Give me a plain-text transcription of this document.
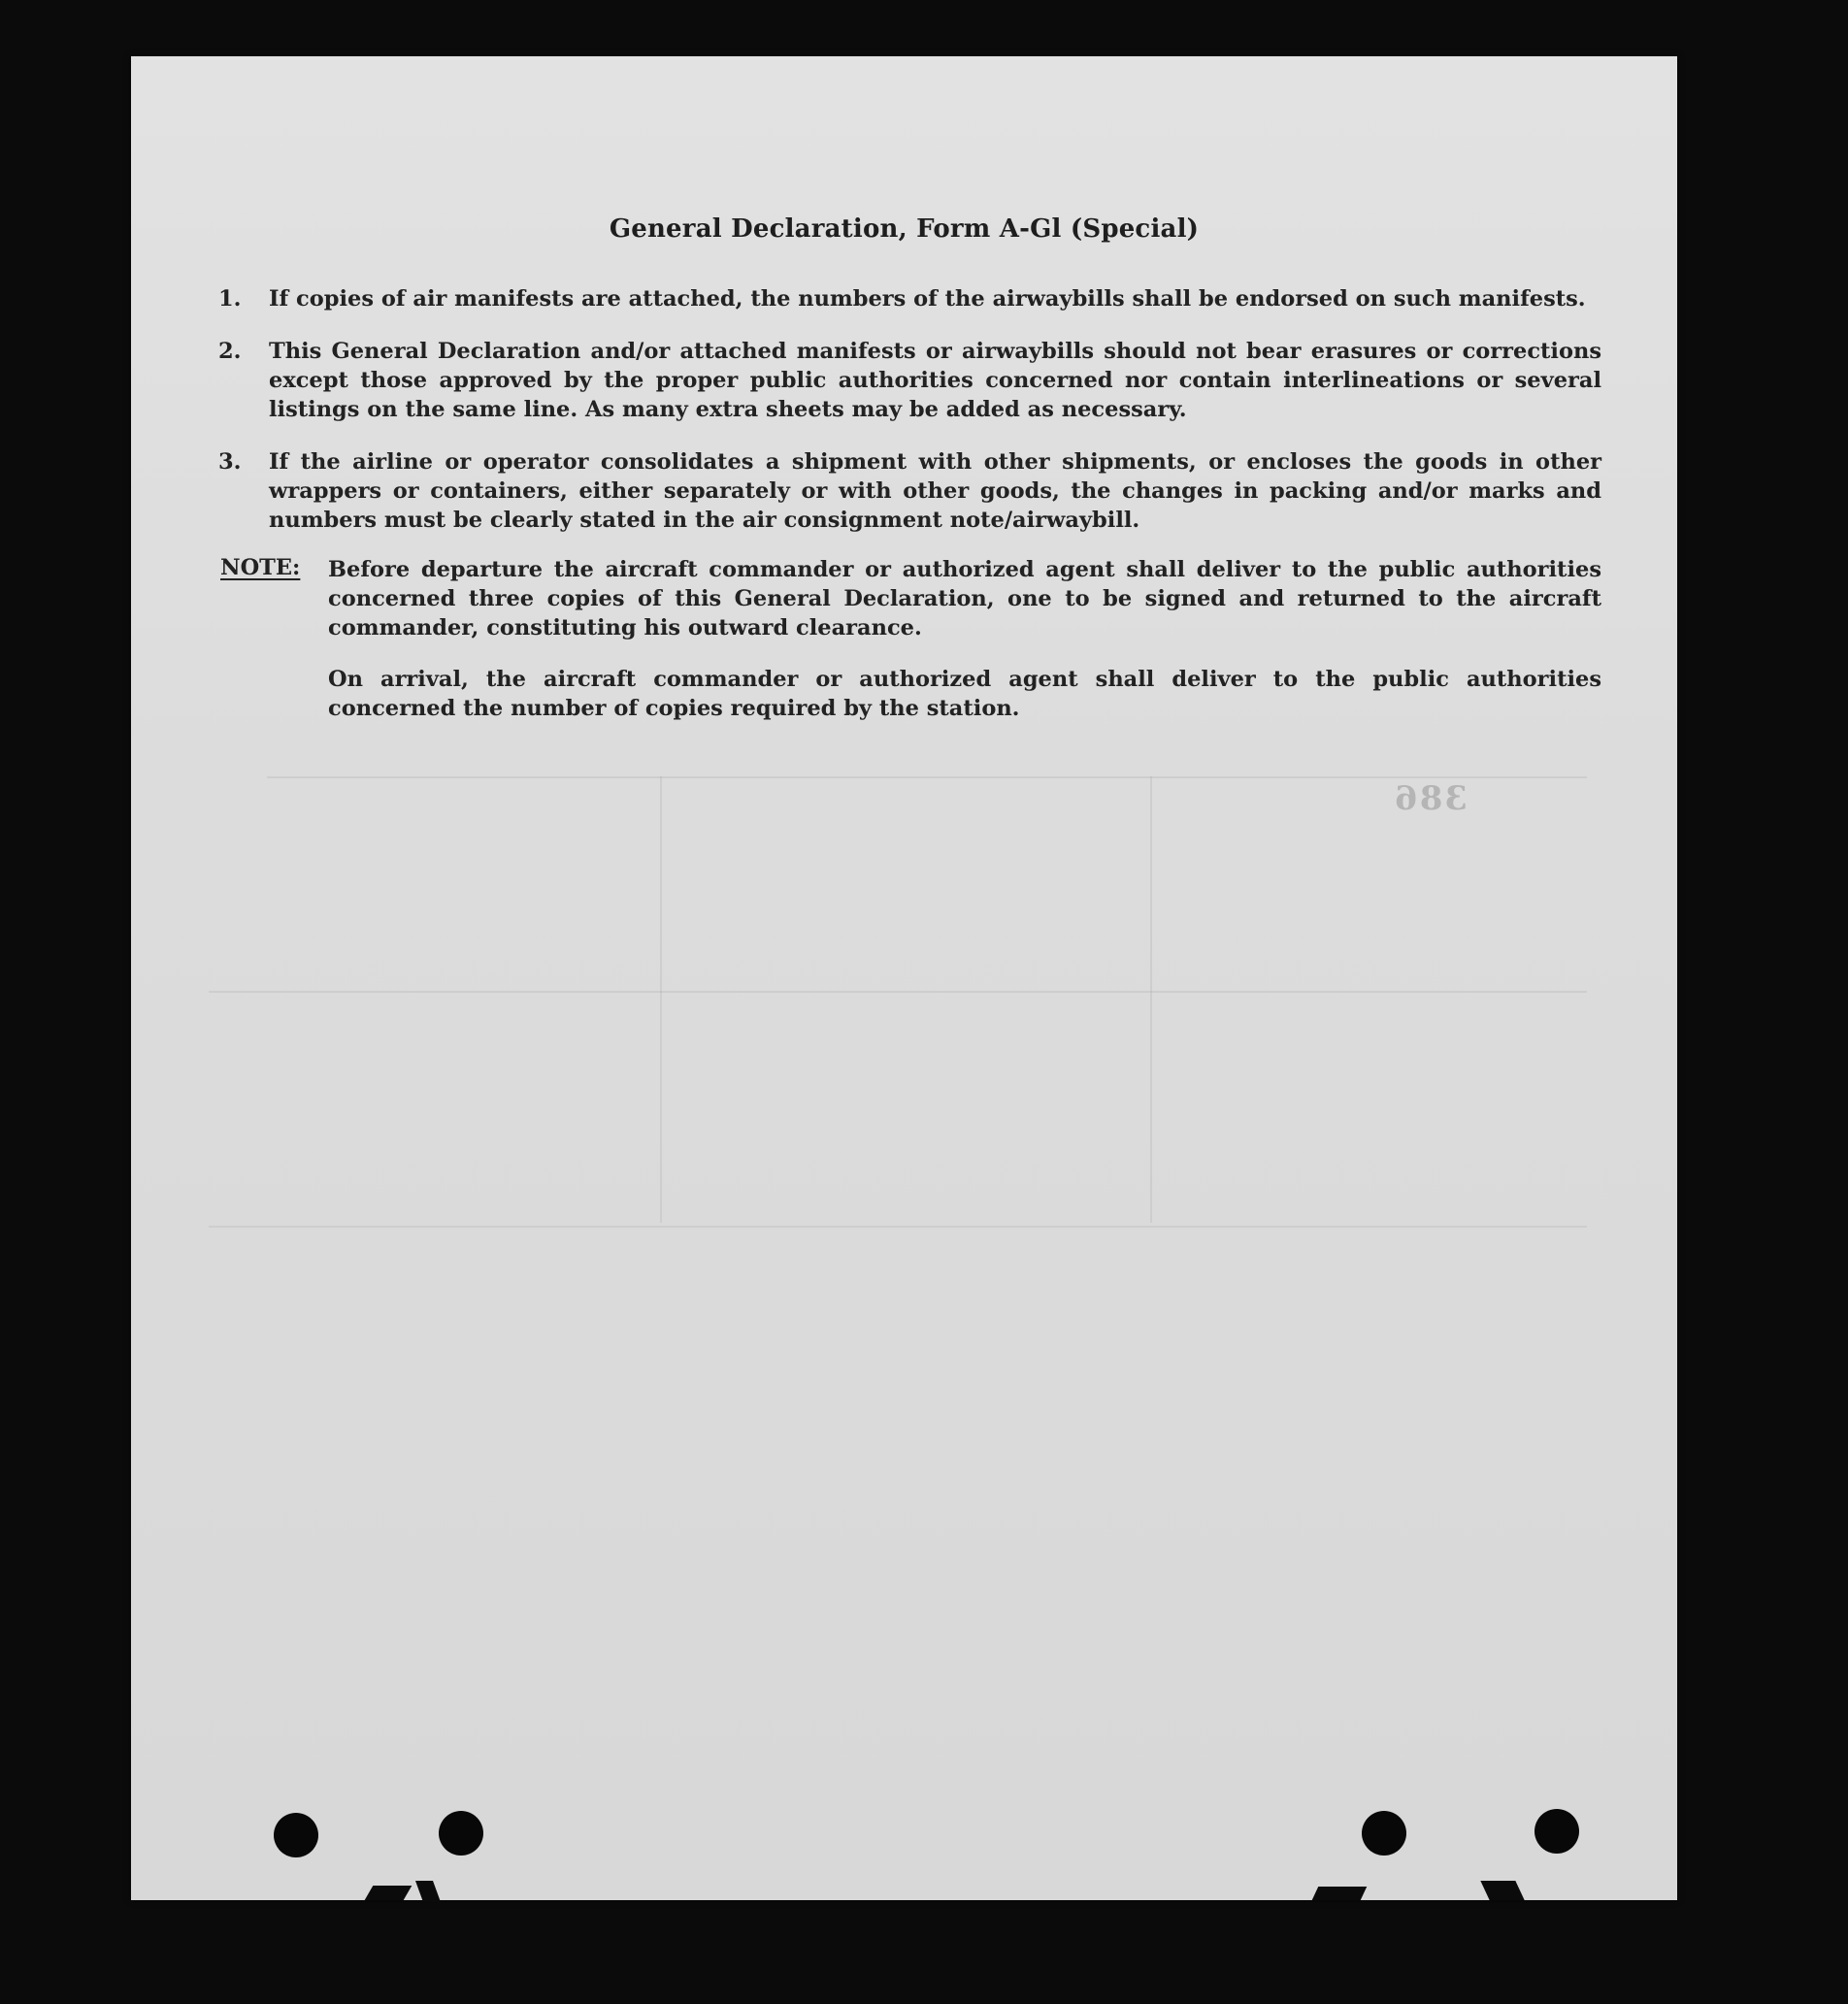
General Declaration, Form A-Gl (Special)
1.	If copies of air manifests are attached, the numbers of the airwaybills shall be endorsed on such manifests.
2.	This General Declaration and/or attached manifests or airwaybills should not bear erasures or corrections except those approved by the proper public authorities concerned nor contain interlineations or several listings on the same line. As many extra sheets may be added as necessary.
3.	If the airline or operator consolidates a shipment with other shipments, or encloses the goods in other wrappers or containers, either separately or with other goods, the changes in packing and/or marks and numbers must be clearly stated in the air consignment note/airwaybill.
NOTE: Before departure the aircraft commander or authorized agent shall deliver to the public authorities concerned three copies of this General Declaration, one to be signed and returned to the aircraft commander, constituting his outward clearance.
On arrival, the aircraft commander or authorized agent shall deliver to the public authorities concerned the number of copies required by the station.
386
